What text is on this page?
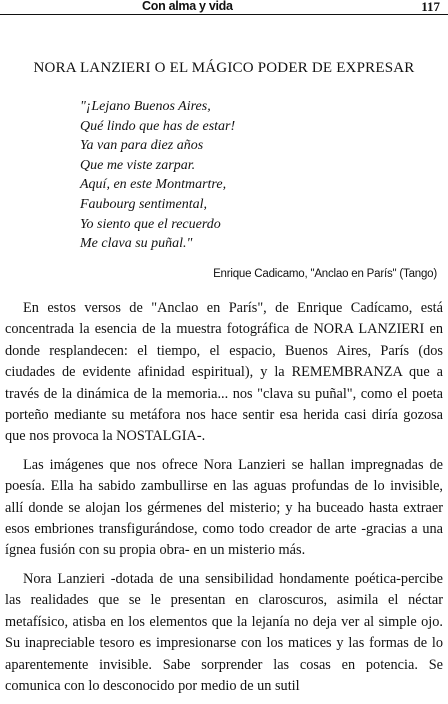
Con alma y vida	117
NORA LANZIERI O EL MÁGICO PODER DE EXPRESAR
"¡Lejano Buenos Aires,
Qué lindo que has de estar!
Ya van para diez años
Que me viste zarpar.
Aquí, en este Montmartre,
Faubourg sentimental,
Yo siento que el recuerdo
Me clava su puñal."
Enrique Cadicamo, "Anclao en París" (Tango)

En estos versos de "Anclao en París", de Enrique Cadícamo, está concentrada la esencia de la muestra fotográfica de NORA LANZIERI en donde resplandecen: el tiempo, el espacio, Buenos Aires, París (dos ciudades de evidente afinidad espiritual), y la REMEMBRANZA que a través de la dinámica de la memoria... nos "clava su puñal", como el poeta porteño mediante su metáfora nos hace sentir esa herida casi diría gozosa que nos provoca la NOSTALGIA-.

Las imágenes que nos ofrece Nora Lanzieri se hallan impregnadas de poesía. Ella ha sabido zambullirse en las aguas profundas de lo invisible, allí donde se alojan los gérmenes del misterio; y ha buceado hasta extraer esos embriones transfigurándose, como todo creador de arte -gracias a una ígnea fusión con su propia obra- en un misterio más.

Nora Lanzieri -dotada de una sensibilidad hondamente poética-percibe las realidades que se le presentan en claroscuros, asimila el néctar metafísico, atisba en los elementos que la lejanía no deja ver al simple ojo. Su inapreciable tesoro es impresionarse con los matices y las formas de lo aparentemente invisible. Sabe sorprender las cosas en potencia. Se comunica con lo desconocido por medio de un sutil
